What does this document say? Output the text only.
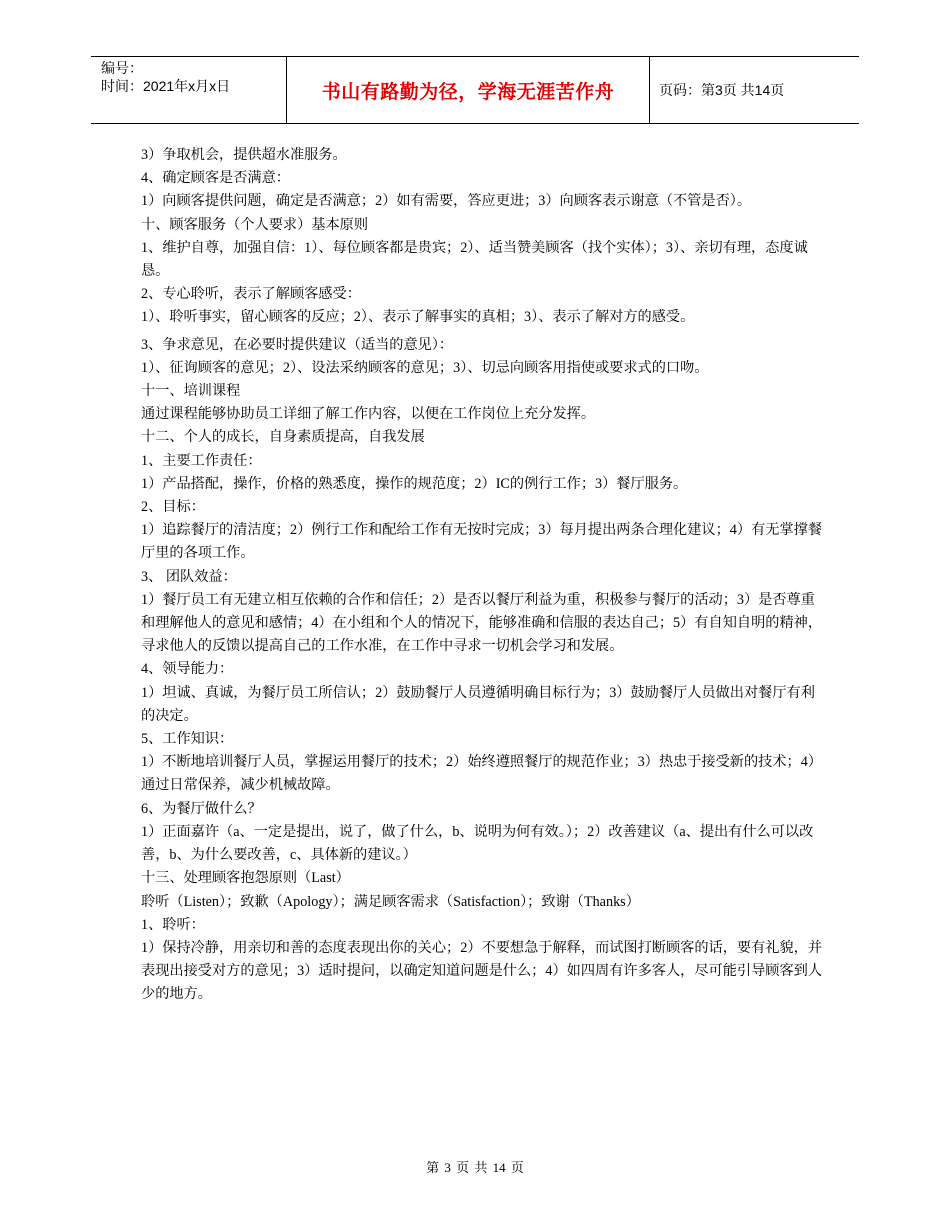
编号：
时间：2021年x月x日	书山有路勤为径，学海无涯苦作舟	页码：第3页 共14页

3）争取机会，提供超水准服务。

4、确定顾客是否满意：

1）向顾客提供问题，确定是否满意；2）如有需要，答应更进；3）向顾客表示谢意（不管是否）。

十、顾客服务（个人要求）基本原则

1、维护自尊，加强自信：1）、每位顾客都是贵宾；2）、适当赞美顾客（找个实体）；3）、亲切有理，态度诚恳。

2、专心聆听，表示了解顾客感受：

1）、聆听事实，留心顾客的反应；2）、表示了解事实的真相；3）、表示了解对方的感受。

3、争求意见，在必要时提供建议（适当的意见）：

1）、征询顾客的意见；2）、设法采纳顾客的意见；3）、切忌向顾客用指使或要求式的口吻。

十一、培训课程

通过课程能够协助员工详细了解工作内容，以便在工作岗位上充分发挥。

十二、个人的成长，自身素质提高，自我发展

1、主要工作责任：

1）产品搭配，操作，价格的熟悉度，操作的规范度；2）IC的例行工作；3）餐厅服务。

2、目标：

1）追踪餐厅的清洁度；2）例行工作和配给工作有无按时完成；3）每月提出两条合理化建议；4）有无掌撑餐厅里的各项工作。

3、 团队效益：

1）餐厅员工有无建立相互依赖的合作和信任；2）是否以餐厅利益为重，积极参与餐厅的活动；3）是否尊重和理解他人的意见和感情；4）在小组和个人的情况下，能够准确和信服的表达自己；5）有自知自明的精神，寻求他人的反馈以提高自己的工作水准，在工作中寻求一切机会学习和发展。

4、领导能力：

1）坦诚、真诚，为餐厅员工所信认；2）鼓励餐厅人员遵循明确目标行为；3）鼓励餐厅人员做出对餐厅有利的决定。

5、工作知识：

1）不断地培训餐厅人员，掌握运用餐厅的技术；2）始终遵照餐厅的规范作业；3）热忠于接受新的技术；4）通过日常保养，减少机械故障。

6、为餐厅做什么？

1）正面嘉许（a、一定是提出，说了，做了什么，b、说明为何有效。）；2）改善建议（a、提出有什么可以改善，b、为什么要改善，c、具体新的建议。）

十三、处理顾客抱怨原则（Last）

聆听（Listen）；致歉（Apology）；满足顾客需求（Satisfaction）；致谢（Thanks）

1、聆听：

1）保持冷静，用亲切和善的态度表现出你的关心；2）不要想急于解释，而试图打断顾客的话，要有礼貌，并表现出接受对方的意见；3）适时提问，以确定知道问题是什么；4）如四周有许多客人，尽可能引导顾客到人少的地方。

第 3 页 共 14 页
